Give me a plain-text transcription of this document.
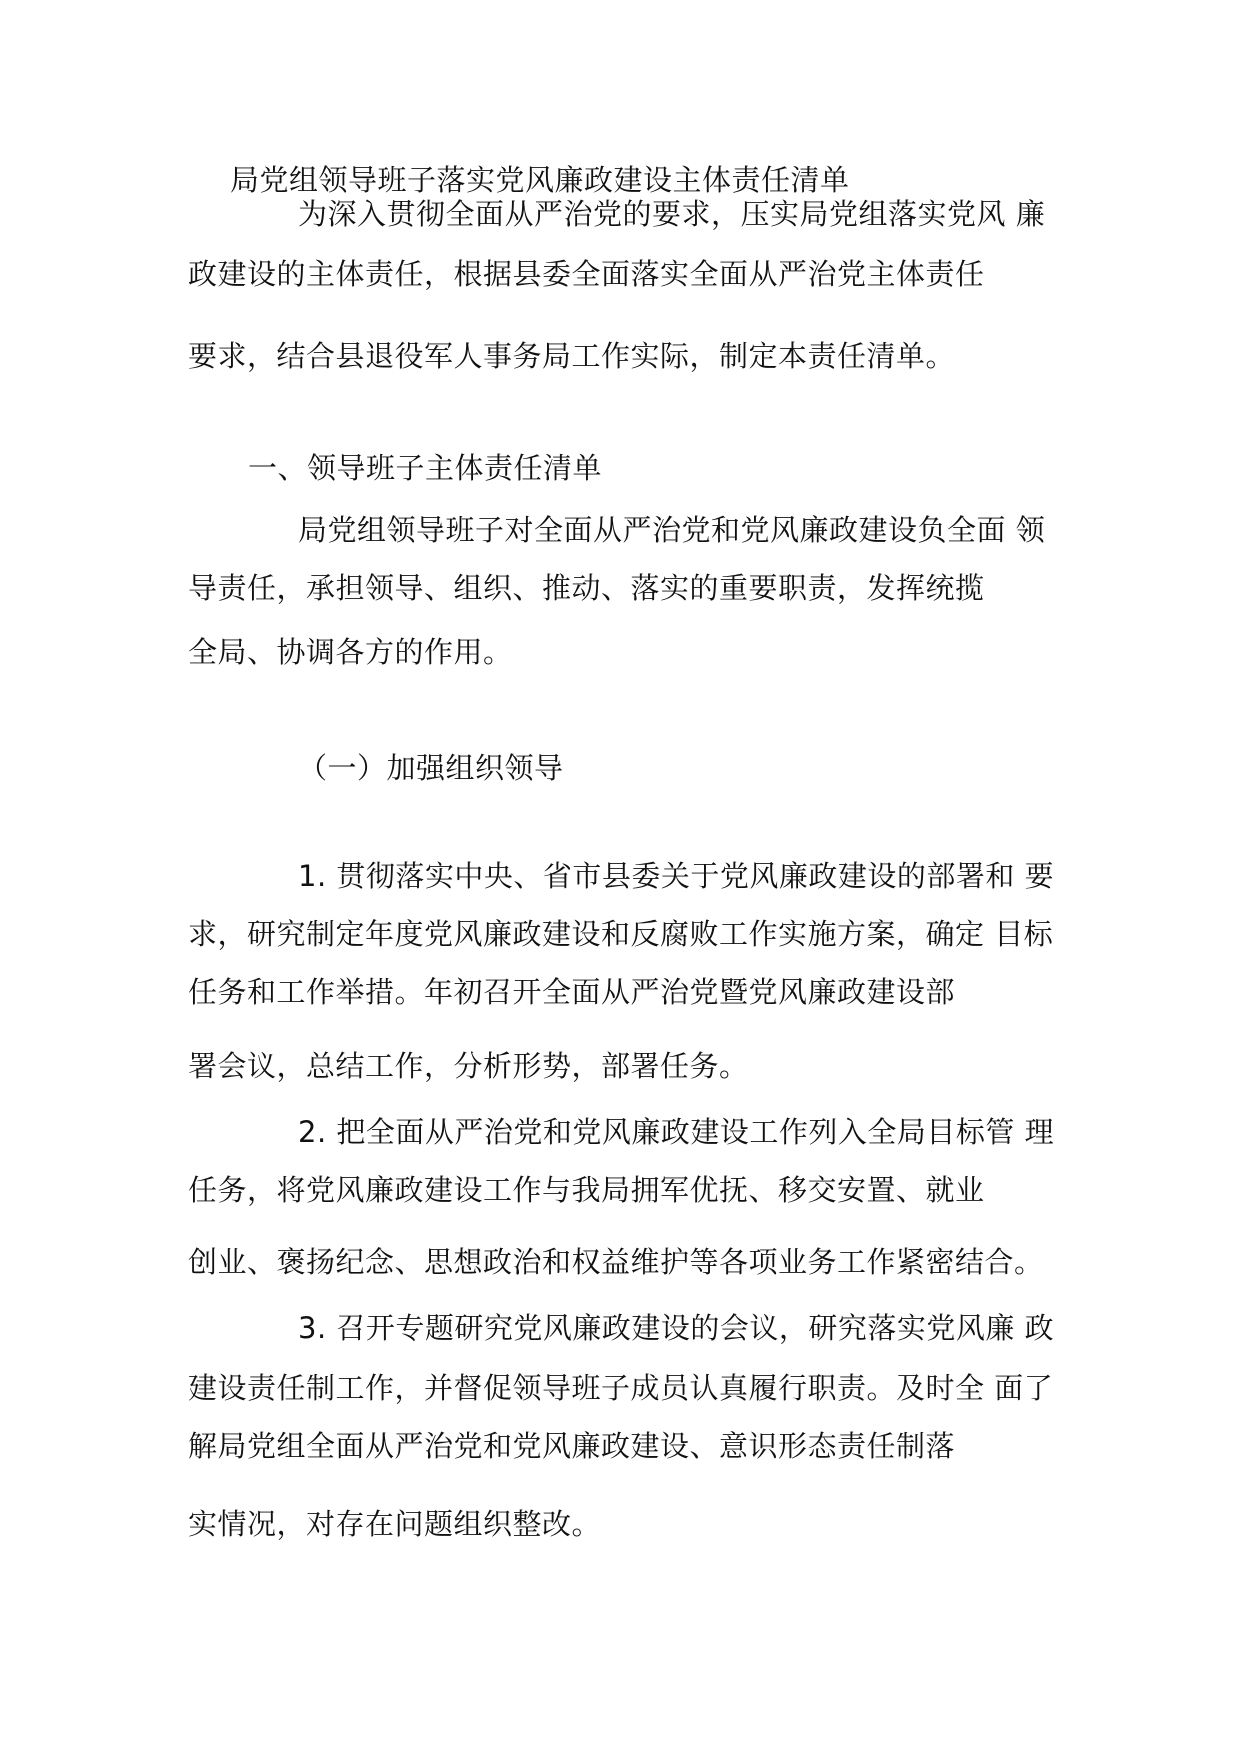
局党组领导班子落实党风廉政建设主体责任清单
为深入贯彻全面从严治党的要求，压实局党组落实党风 廉
政建设的主体责任，根据县委全面落实全面从严治党主体责任
要求，结合县退役军人事务局工作实际，制定本责任清单。
一、领导班子主体责任清单
局党组领导班子对全面从严治党和党风廉政建设负全面 领
导责任，承担领导、组织、推动、落实的重要职责，发挥统揽
全局、协调各方的作用。
（一）加强组织领导
1. 贯彻落实中央、省市县委关于党风廉政建设的部署和 要
求，研究制定年度党风廉政建设和反腐败工作实施方案，确定 目标
任务和工作举措。年初召开全面从严治党暨党风廉政建设部
署会议，总结工作，分析形势，部署任务。
2. 把全面从严治党和党风廉政建设工作列入全局目标管 理
任务，将党风廉政建设工作与我局拥军优抚、移交安置、就业
创业、褒扬纪念、思想政治和权益维护等各项业务工作紧密结合。
3. 召开专题研究党风廉政建设的会议，研究落实党风廉 政
建设责任制工作，并督促领导班子成员认真履行职责。及时全 面了
解局党组全面从严治党和党风廉政建设、意识形态责任制落
实情况，对存在问题组织整改。
